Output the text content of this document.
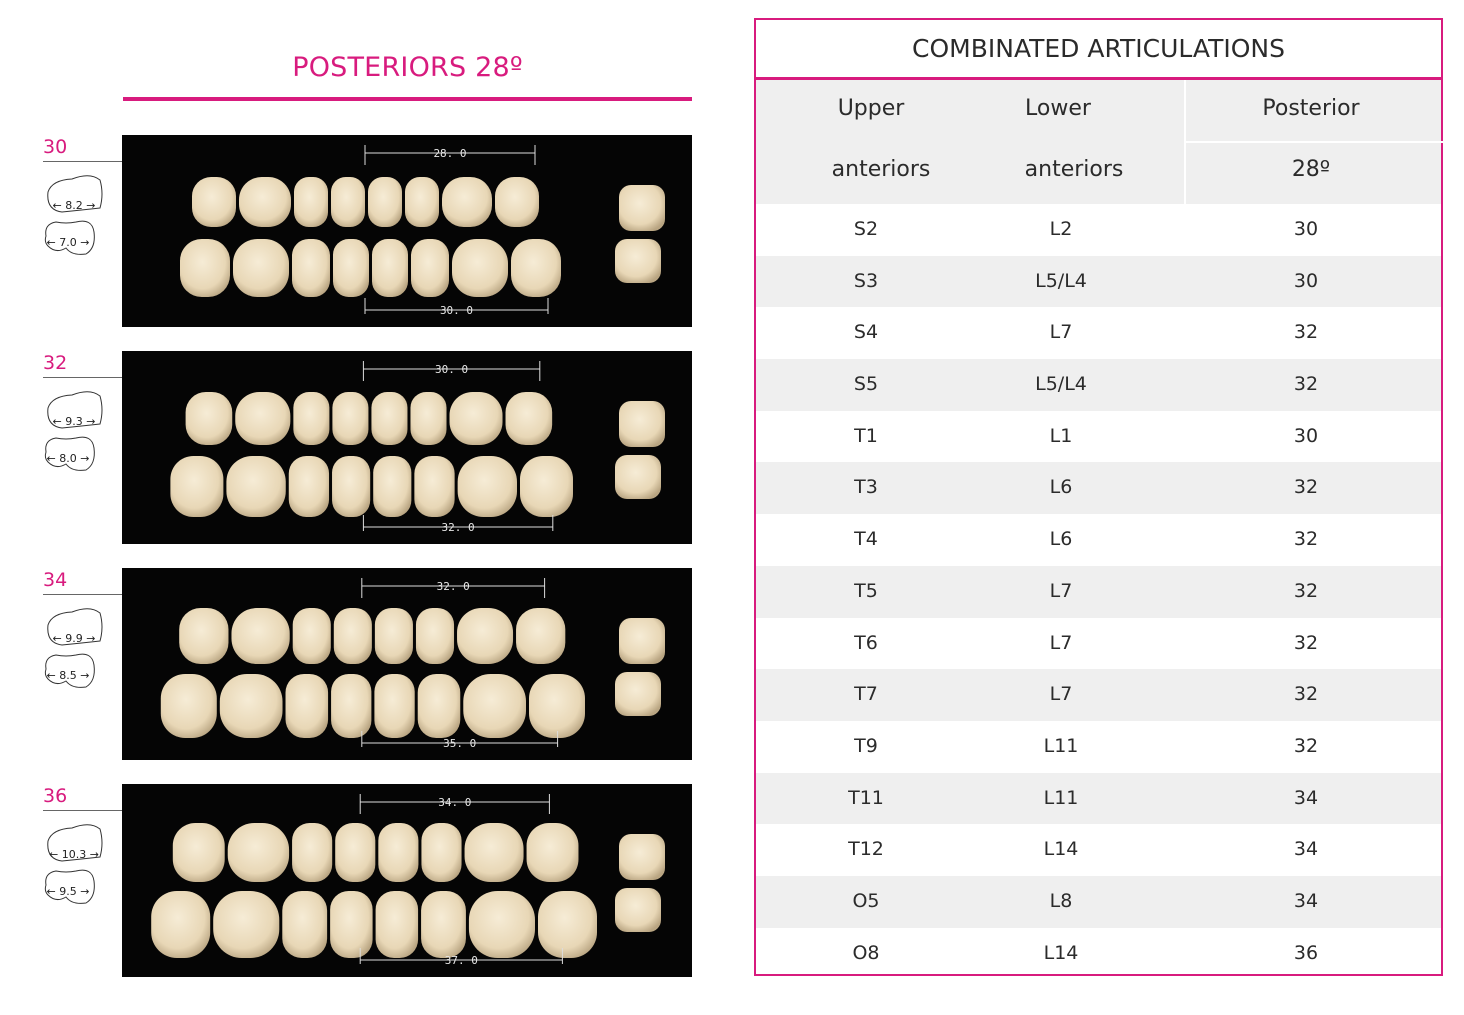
POSTERIORS 28º
30
← 8.2 →
← 7.0 →
28. 0
30. 0
32
← 9.3 →
← 8.0 →
30. 0
32. 0
34
← 9.9 →
← 8.5 →
32. 0
35. 0
36
← 10.3 →
← 9.5 →
34. 0
37. 0
COMBINATED ARTICULATIONS
Upper
anteriors
Lower
anteriors
Posterior
28º
S2	L2	30
S3	L5/L4	30
S4	L7	32
S5	L5/L4	32
T1	L1	30
T3	L6	32
T4	L6	32
T5	L7	32
T6	L7	32
T7	L7	32
T9	L11	32
T11	L11	34
T12	L14	34
O5	L8	34
O8	L14	36
